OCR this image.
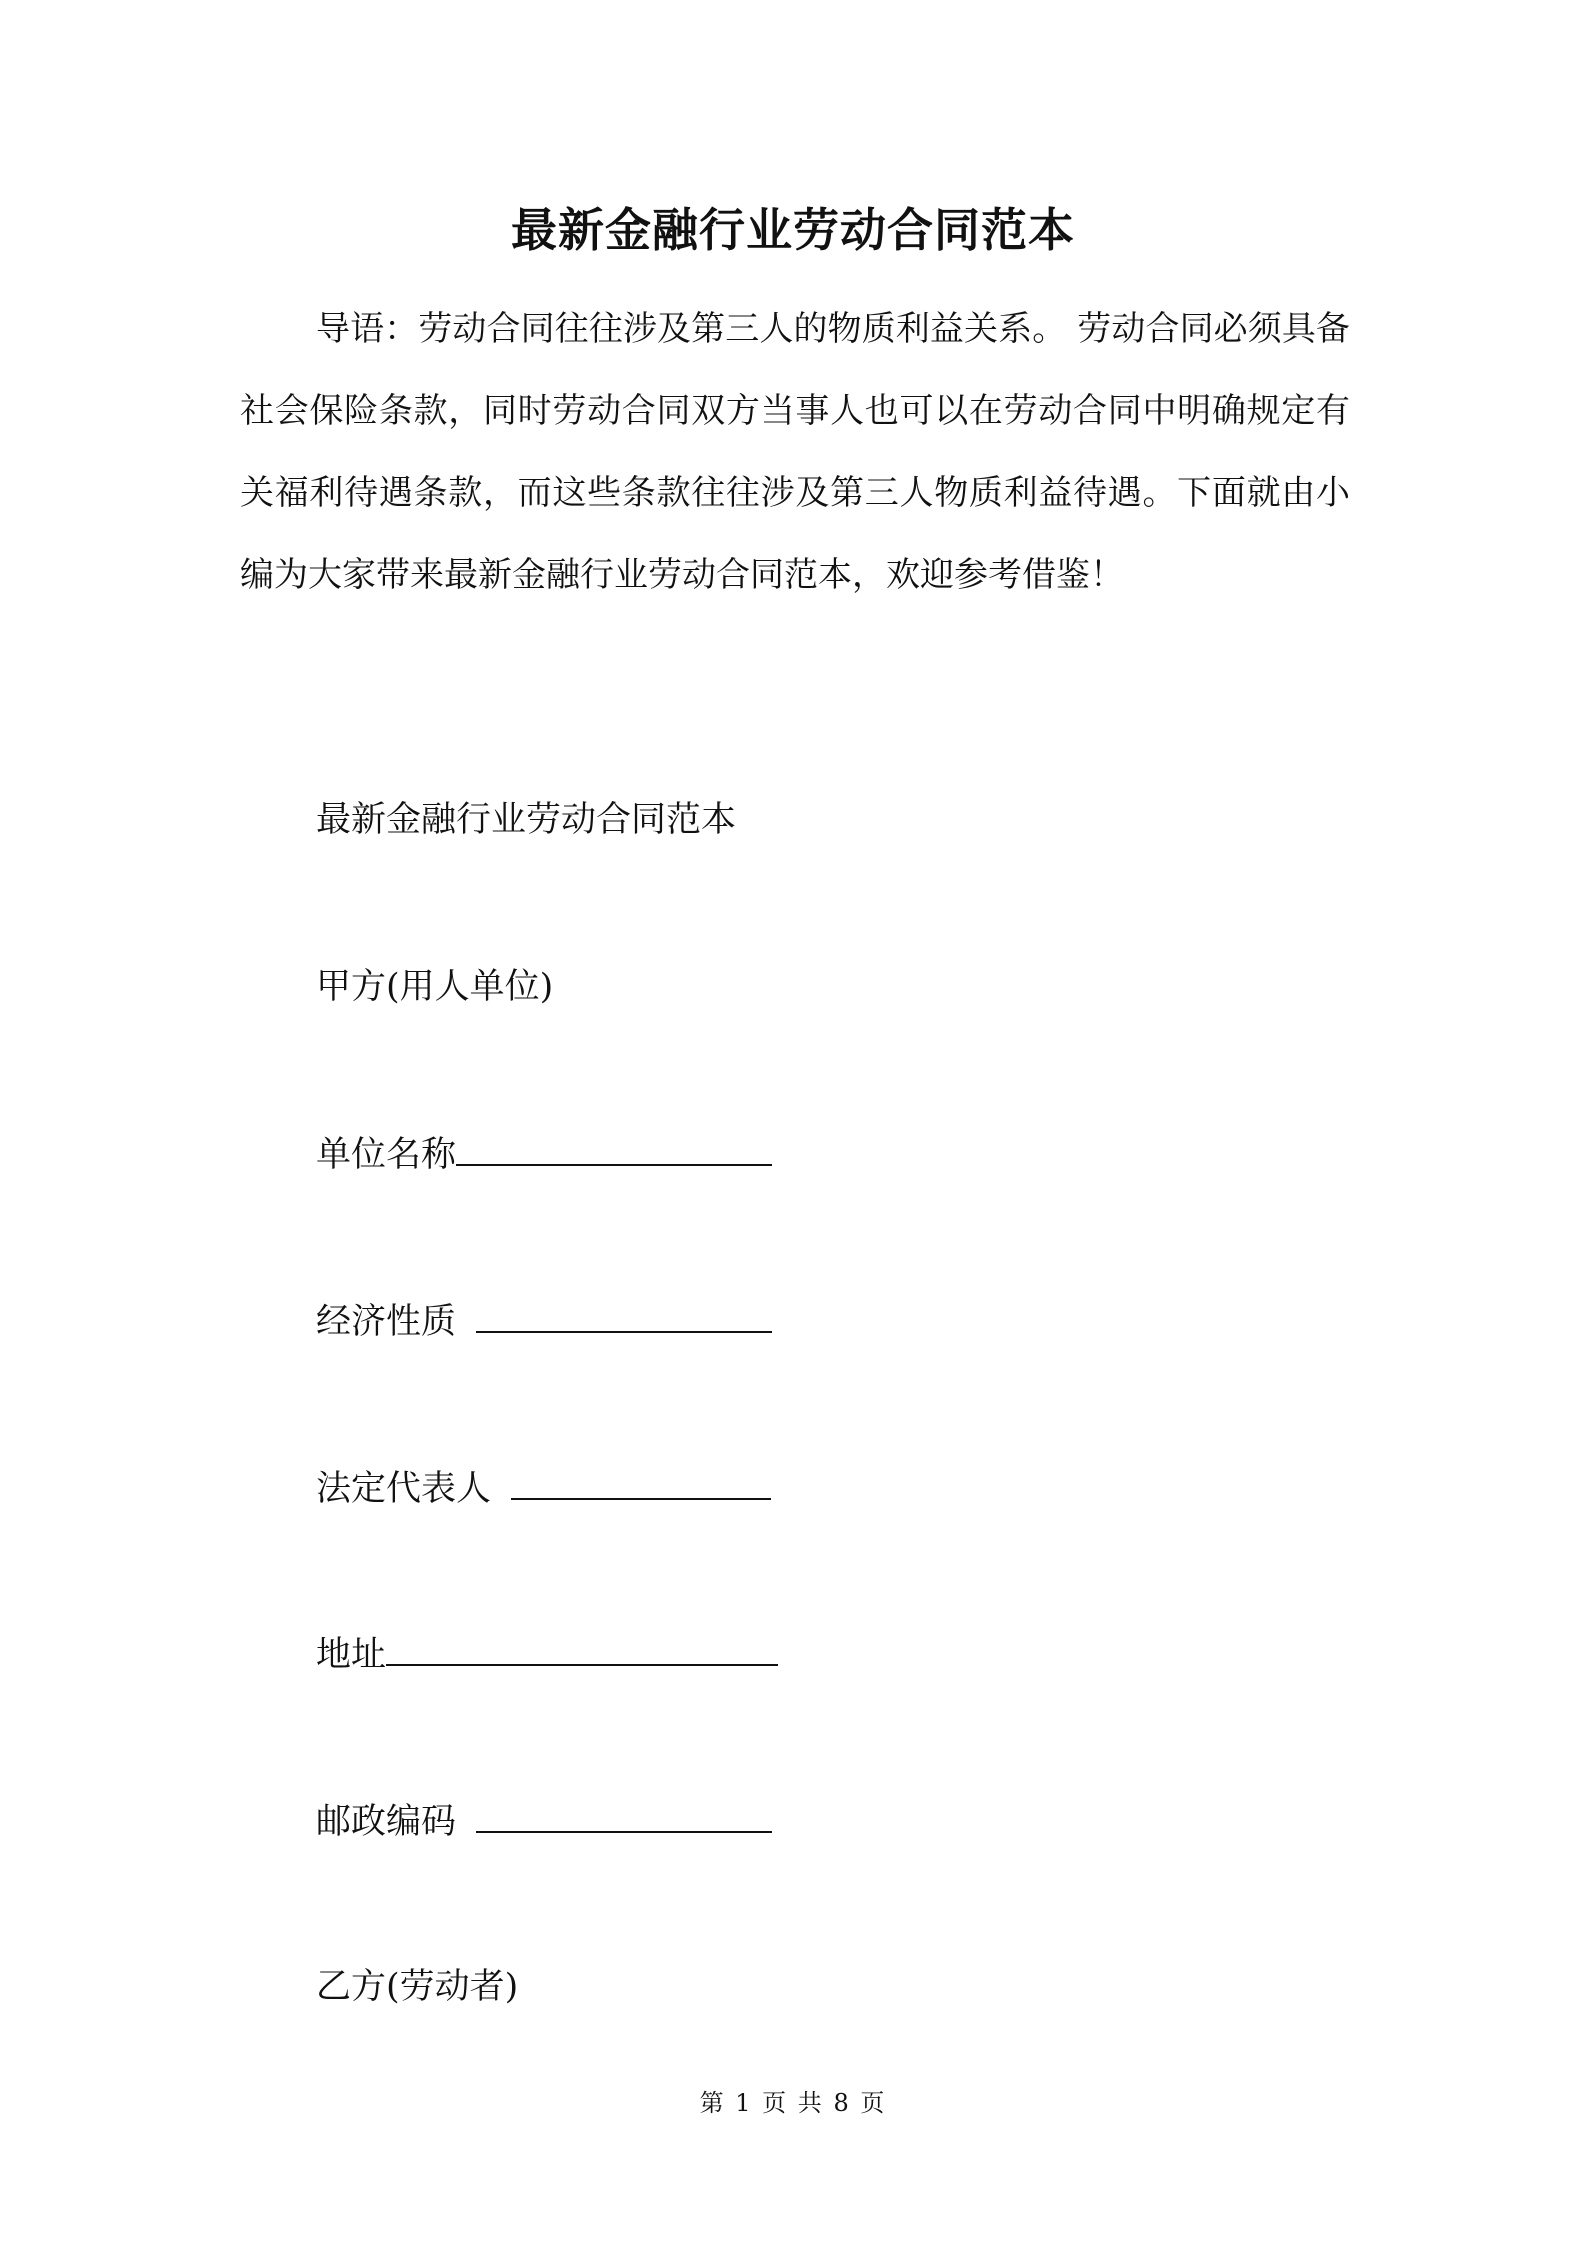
最新金融行业劳动合同范本

导语：劳动合同往往涉及第三人的物质利益关系。 劳动合同必须具备社会保险条款，同时劳动合同双方当事人也可以在劳动合同中明确规定有关福利待遇条款，而这些条款往往涉及第三人物质利益待遇。下面就由小编为大家带来最新金融行业劳动合同范本，欢迎参考借鉴！

最新金融行业劳动合同范本
甲方(用人单位)
单位名称
经济性质
法定代表人
地址
邮政编码
乙方(劳动者)
第 1 页 共 8 页
